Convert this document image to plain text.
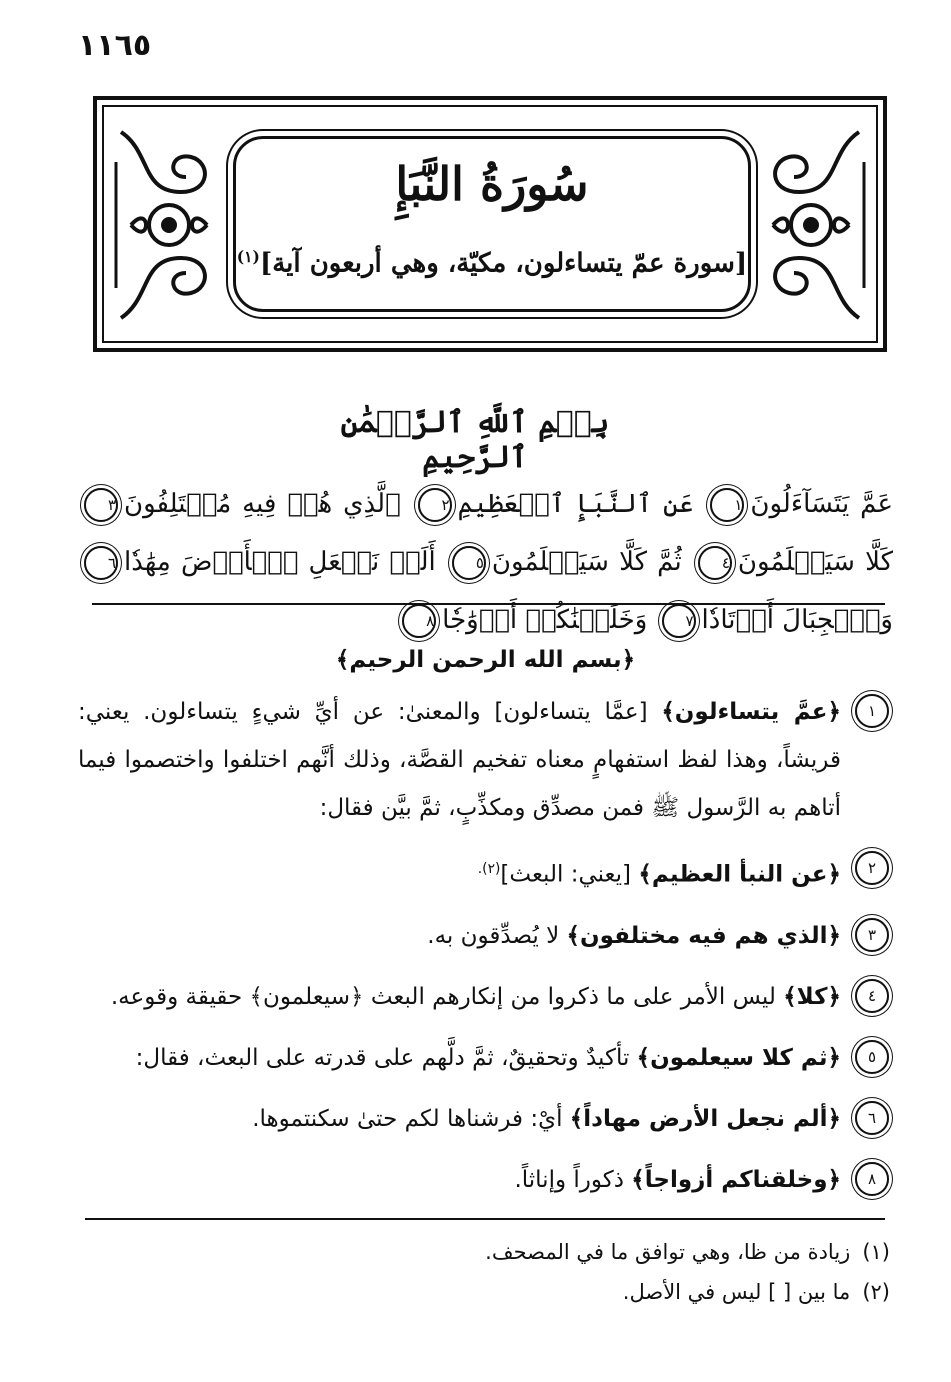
١١٦٥
سُورَةُ النَّبَإِ
[سورة عمّ يتساءلون، مكيّة، وهي أربعون آية]$^{(١)}$
بِسۡمِ ٱللَّهِ ٱلرَّحۡمَٰنِ ٱلرَّحِيمِ
عَمَّ يَتَسَآءَلُونَ١ عَنِ ٱلنَّبَإِ ٱلۡعَظِيمِ٢ ٱلَّذِي هُمۡ فِيهِ مُخۡتَلِفُونَ٣ كَلَّا سَيَعۡلَمُونَ٤ ثُمَّ كَلَّا سَيَعۡلَمُونَ٥ أَلَمۡ نَجۡعَلِ ٱلۡأَرۡضَ مِهَٰدٗا٦ وَٱلۡجِبَالَ أَوۡتَادٗا٧ وَخَلَقۡنَٰكُمۡ أَزۡوَٰجٗا٨
﴿بسم الله الرحمن الرحيم﴾
١
﴿عمَّ يتساءلون﴾ [عمَّا يتساءلون] والمعنىٰ: عن أيِّ شيءٍ يتساءلون. يعني: قريشاً، وهذا لفظ استفهامٍ معناه تفخيم القصَّة، وذلك أنَّهم اختلفوا واختصموا فيما أتاهم به الرَّسول ﷺ فمن مصدِّق ومكذِّبٍ، ثمَّ بيَّن فقال:
٢
﴿عن النبأ العظيم﴾ [يعني: البعث]$^{(٢).}$
٣
﴿الذي هم فيه مختلفون﴾ لا يُصدِّقون به.
٤
﴿كلا﴾ ليس الأمر على ما ذكروا من إنكارهم البعث ﴿سيعلمون﴾ حقيقة وقوعه.
٥
﴿ثم كلا سيعلمون﴾ تأكيدٌ وتحقيقٌ، ثمَّ دلَّهم على قدرته على البعث، فقال:
٦
﴿ألم نجعل الأرض مهاداً﴾ أيْ: فرشناها لكم حتىٰ سكنتموها.
٨
﴿وخلقناكم أزواجاً﴾ ذكوراً وإناثاً.
(١)زيادة من ظا، وهي توافق ما في المصحف.
(٢)ما بين [ ] ليس في الأصل.
